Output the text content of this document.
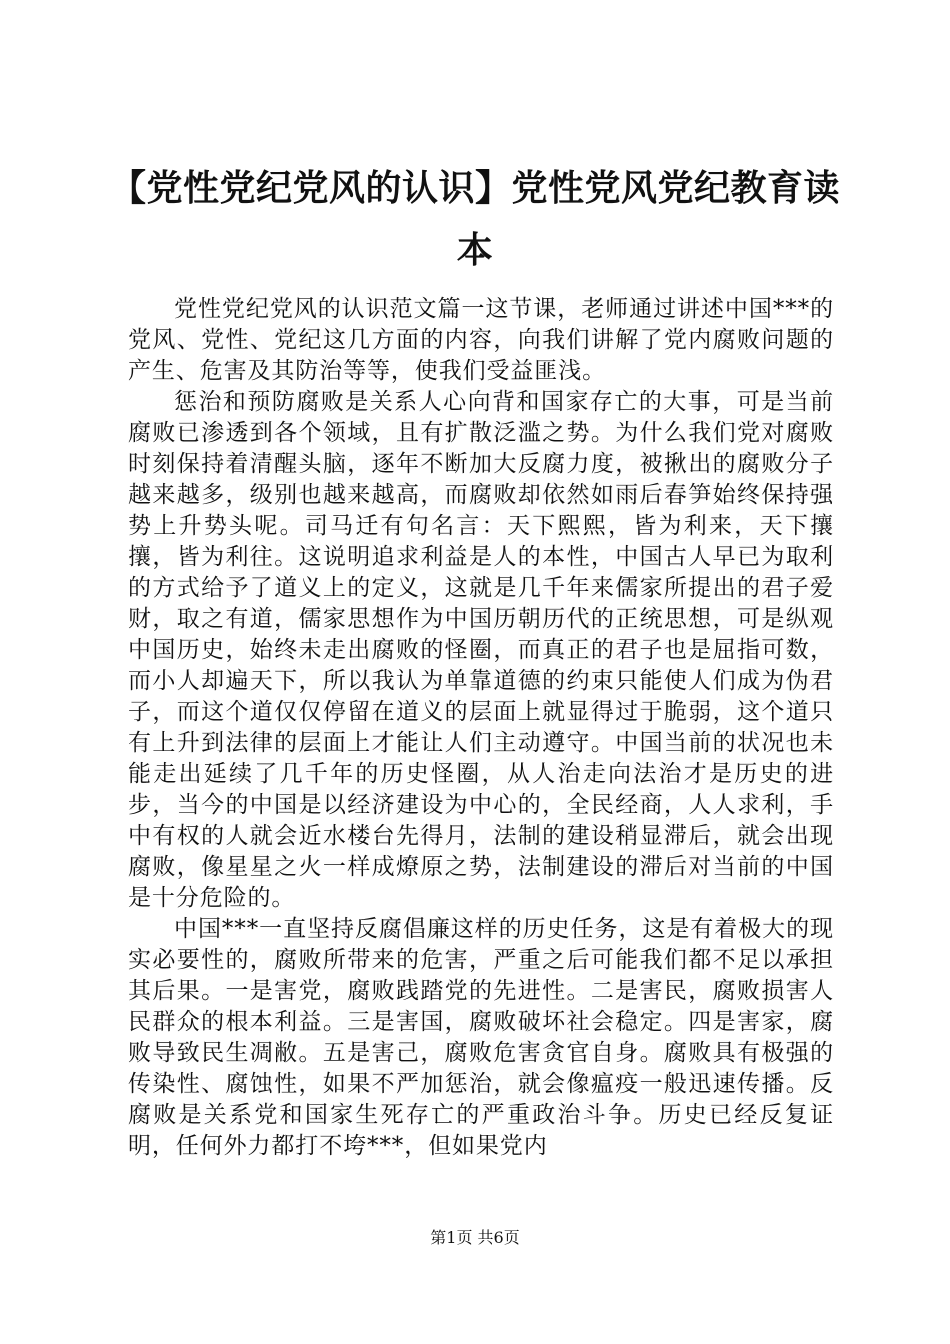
【党性党纪党风的认识】党性党风党纪教育读本

党性党纪党风的认识范文篇一这节课，老师通过讲述中国***的党风、党性、党纪这几方面的内容，向我们讲解了党内腐败问题的产生、危害及其防治等等，使我们受益匪浅。

惩治和预防腐败是关系人心向背和国家存亡的大事，可是当前腐败已渗透到各个领域，且有扩散泛滥之势。为什么我们党对腐败时刻保持着清醒头脑，逐年不断加大反腐力度，被揪出的腐败分子越来越多，级别也越来越高，而腐败却依然如雨后春笋始终保持强势上升势头呢。司马迁有句名言：天下熙熙，皆为利来，天下攘攘，皆为利往。这说明追求利益是人的本性，中国古人早已为取利的方式给予了道义上的定义，这就是几千年来儒家所提出的君子爱财，取之有道，儒家思想作为中国历朝历代的正统思想，可是纵观中国历史，始终未走出腐败的怪圈，而真正的君子也是屈指可数，而小人却遍天下，所以我认为单靠道德的约束只能使人们成为伪君子，而这个道仅仅停留在道义的层面上就显得过于脆弱，这个道只有上升到法律的层面上才能让人们主动遵守。中国当前的状况也未能走出延续了几千年的历史怪圈，从人治走向法治才是历史的进步，当今的中国是以经济建设为中心的，全民经商，人人求利，手中有权的人就会近水楼台先得月，法制的建设稍显滞后，就会出现腐败，像星星之火一样成燎原之势，法制建设的滞后对当前的中国是十分危险的。

中国***一直坚持反腐倡廉这样的历史任务，这是有着极大的现实必要性的，腐败所带来的危害，严重之后可能我们都不足以承担其后果。一是害党，腐败践踏党的先进性。二是害民，腐败损害人民群众的根本利益。三是害国，腐败破坏社会稳定。四是害家，腐败导致民生凋敝。五是害己，腐败危害贪官自身。腐败具有极强的传染性、腐蚀性，如果不严加惩治，就会像瘟疫一般迅速传播。反腐败是关系党和国家生死存亡的严重政治斗争。历史已经反复证明，任何外力都打不垮***，但如果党内

第1页 共6页
